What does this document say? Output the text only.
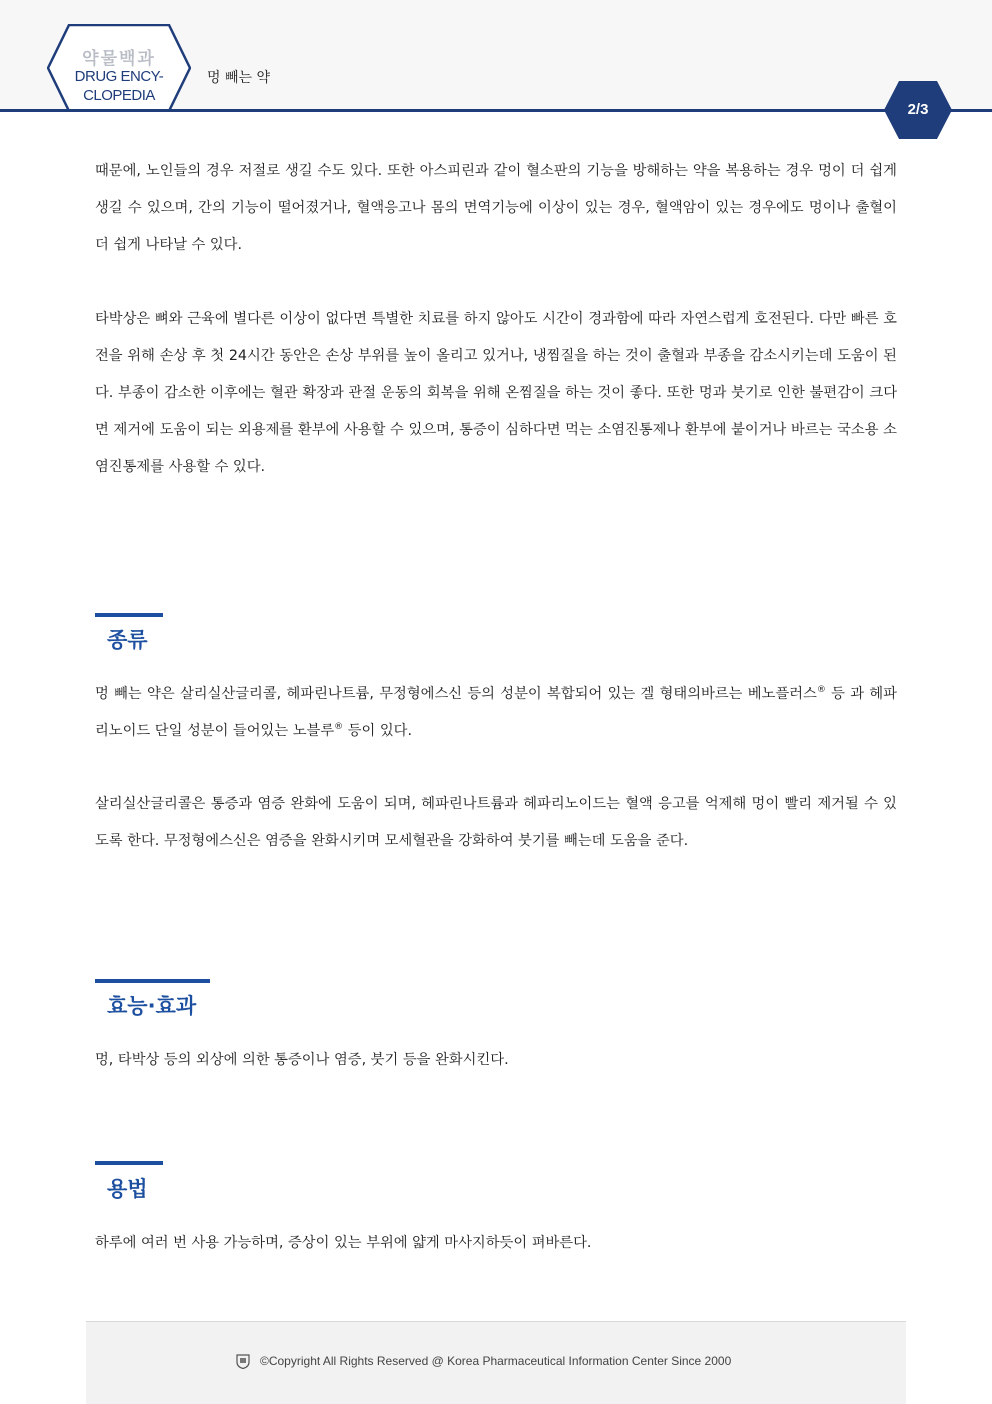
약물백과
DRUG ENCY-
CLOPEDIA
멍 빼는 약
2/3

때문에, 노인들의 경우 저절로 생길 수도 있다. 또한 아스피린과 같이 혈소판의 기능을 방해하는 약을 복용하는 경우 멍이 더 쉽게 생길 수 있으며, 간의 기능이 떨어졌거나, 혈액응고나 몸의 면역기능에 이상이 있는 경우, 혈액암이 있는 경우에도 멍이나 출혈이 더 쉽게 나타날 수 있다.

타박상은 뼈와 근육에 별다른 이상이 없다면 특별한 치료를 하지 않아도 시간이 경과함에 따라 자연스럽게 호전된다. 다만 빠른 호전을 위해 손상 후 첫 24시간 동안은 손상 부위를 높이 올리고 있거나, 냉찜질을 하는 것이 출혈과 부종을 감소시키는데 도움이 된다. 부종이 감소한 이후에는 혈관 확장과 관절 운동의 회복을 위해 온찜질을 하는 것이 좋다. 또한 멍과 붓기로 인한 불편감이 크다면 제거에 도움이 되는 외용제를 환부에 사용할 수 있으며, 통증이 심하다면 먹는 소염진통제나 환부에 붙이거나 바르는 국소용 소염진통제를 사용할 수 있다.

종류

멍 빼는 약은 살리실산글리콜, 헤파린나트륨, 무정형에스신 등의 성분이 복합되어 있는 겔 형태의바르는 베노플러스® 등 과 헤파리노이드 단일 성분이 들어있는 노블루® 등이 있다.

살리실산글리콜은 통증과 염증 완화에 도움이 되며, 헤파린나트륨과 헤파리노이드는 혈액 응고를 억제해 멍이 빨리 제거될 수 있도록 한다. 무정형에스신은 염증을 완화시키며 모세혈관을 강화하여 붓기를 빼는데 도움을 준다.

효능·효과

멍, 타박상 등의 외상에 의한 통증이나 염증, 붓기 등을 완화시킨다.

용법

하루에 여러 번 사용 가능하며, 증상이 있는 부위에 얇게 마사지하듯이 펴바른다.

©Copyright All Rights Reserved @ Korea Pharmaceutical Information Center Since 2000
